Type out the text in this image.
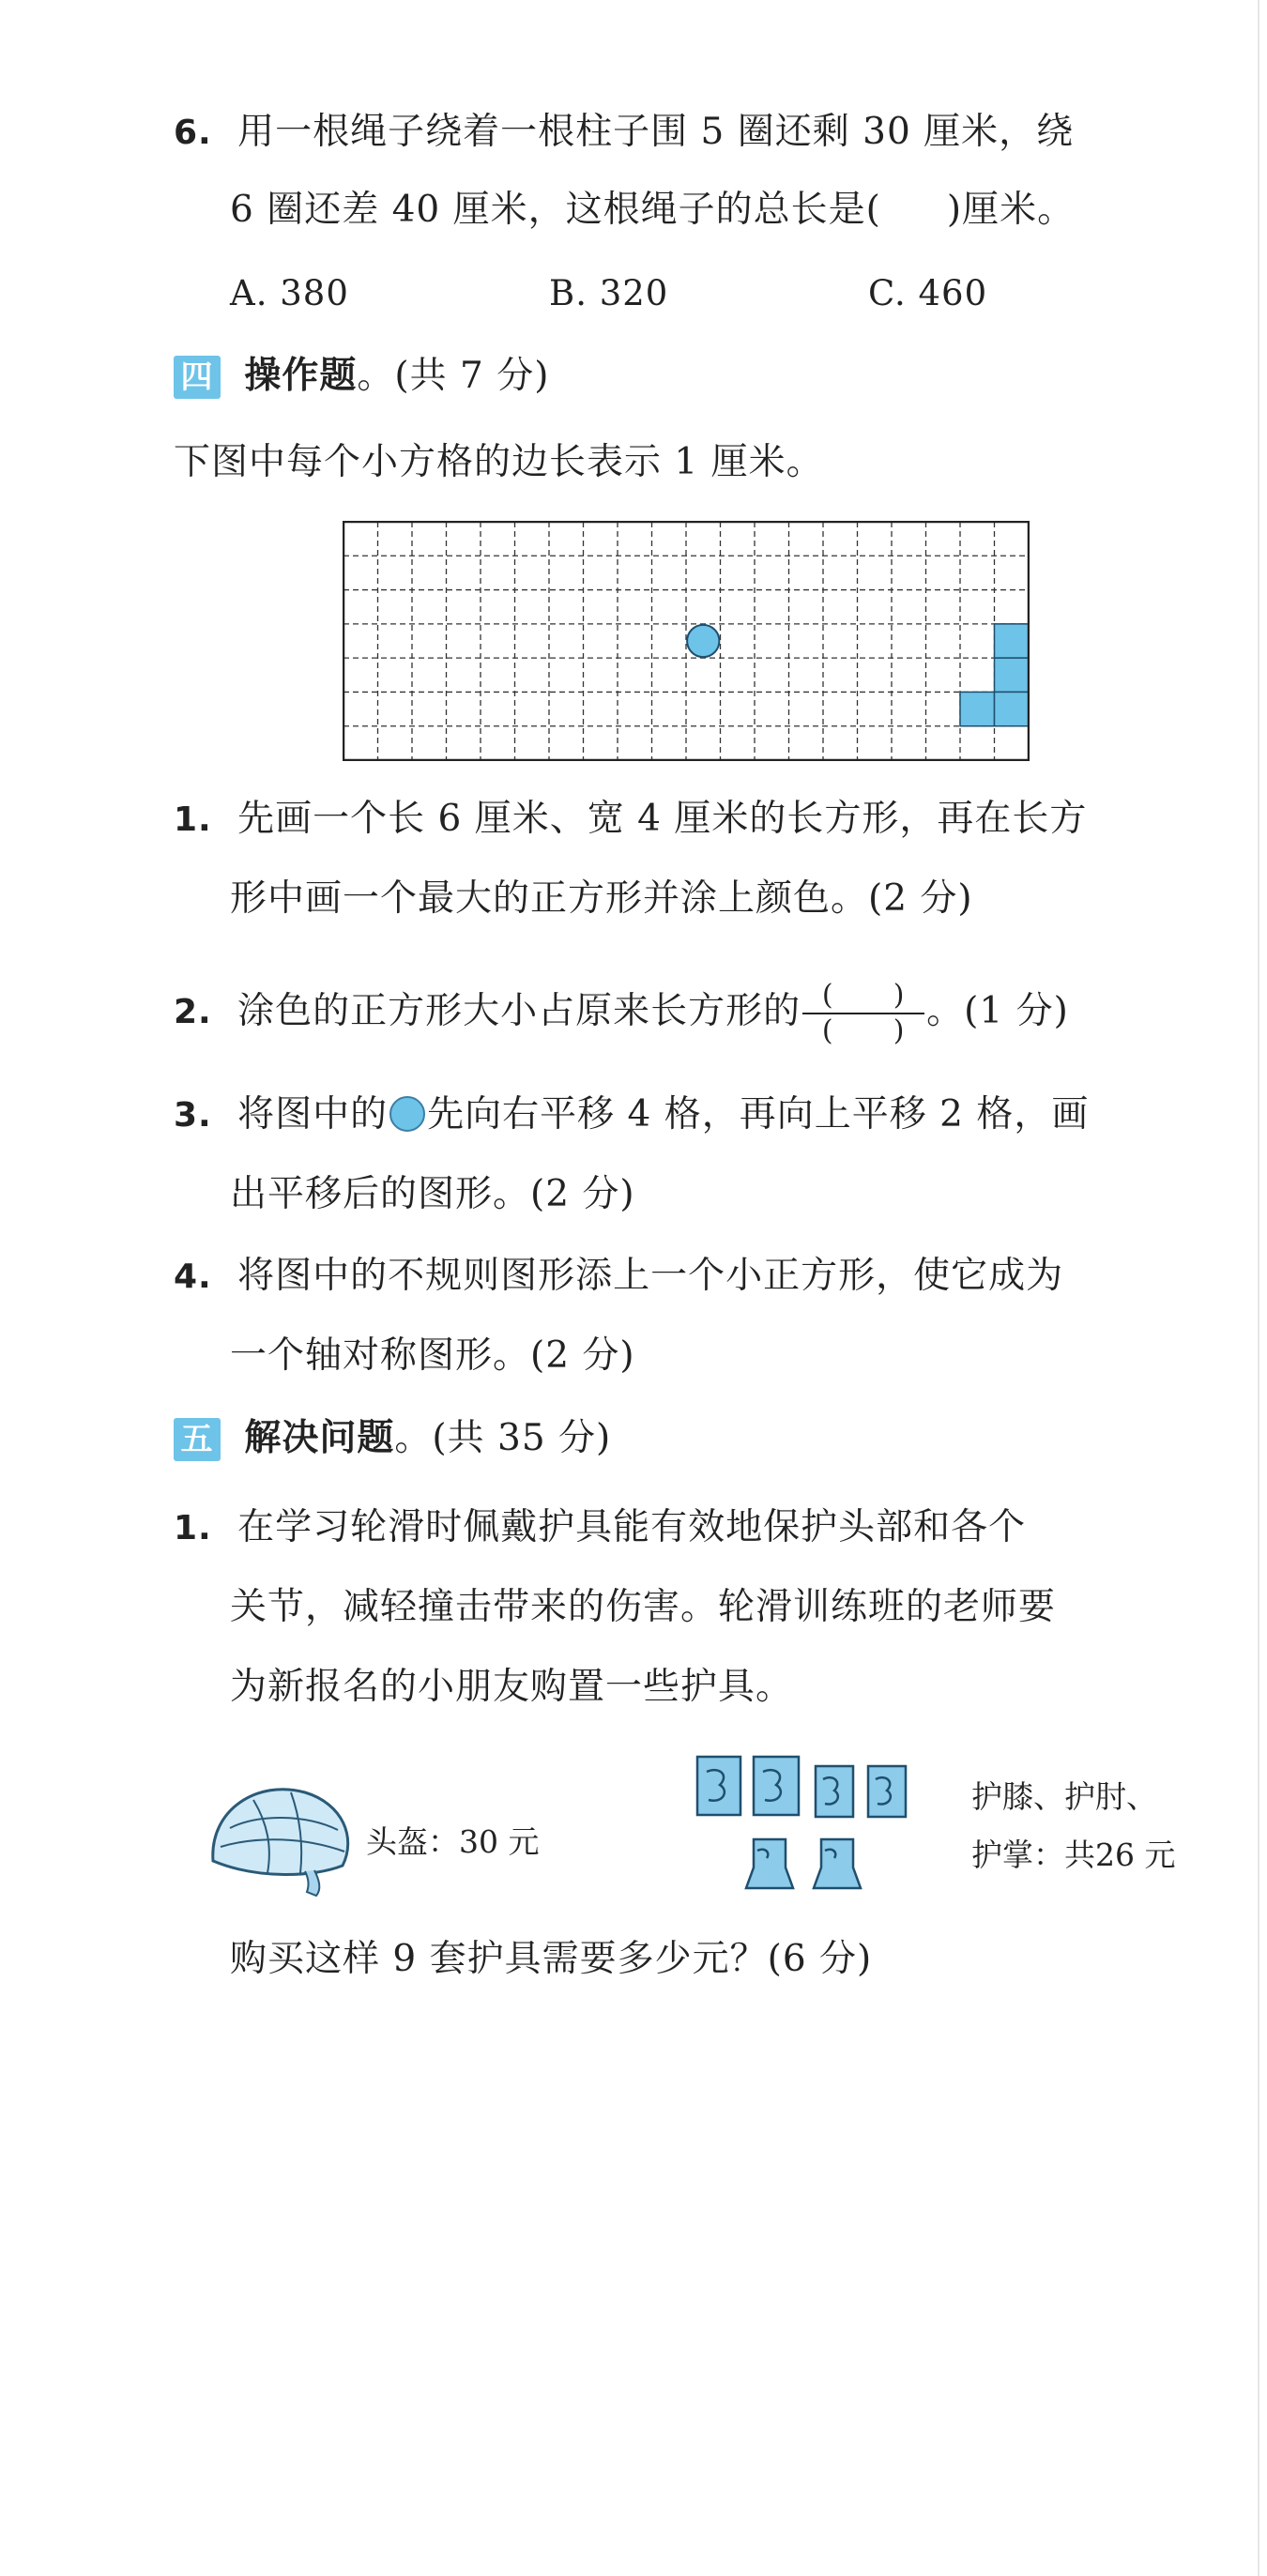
6. 用一根绳子绕着一根柱子围 5 圈还剩 30 厘米，绕
6 圈还差 40 厘米，这根绳子的总长是( )厘米。
A. 380	B. 320	C. 460
四 操作题。(共 7 分)
下图中每个小方格的边长表示 1 厘米。
1. 先画一个长 6 厘米、宽 4 厘米的长方形，再在长方
形中画一个最大的正方形并涂上颜色。(2 分)
2. 涂色的正方形大小占原来长方形的 $\frac{( )}{( )}$ 。(1 分)
3. 将图中的 先向右平移 4 格，再向上平移 2 格，画
出平移后的图形。(2 分)
4. 将图中的不规则图形添上一个小正方形，使它成为
一个轴对称图形。(2 分)
五 解决问题。(共 35 分)
1. 在学习轮滑时佩戴护具能有效地保护头部和各个
关节，减轻撞击带来的伤害。轮滑训练班的老师要
为新报名的小朋友购置一些护具。
头盔：30 元
护膝、护肘、
护掌：共26 元
购买这样 9 套护具需要多少元？(6 分)
